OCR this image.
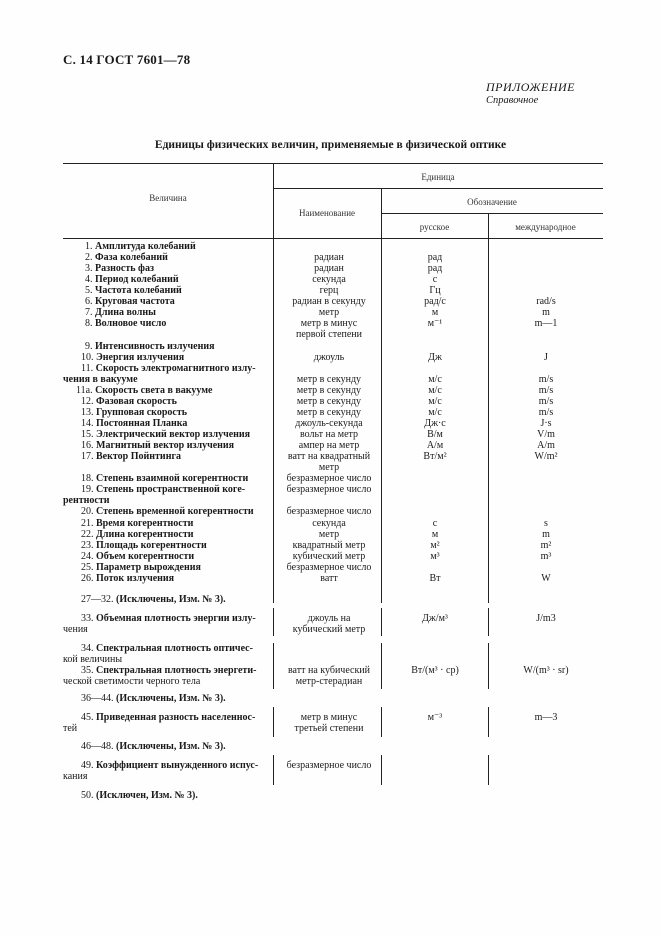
С. 14 ГОСТ 7601—78
ПРИЛОЖЕНИЕ
Справочное
Единицы физических величин, применяемые в физической оптике
Величина
Единица
Наименование
Обозначение
русское	международное
1. Амплитуда колебаний
2. Фаза колебаний	радиан	рад
3. Разность фаз	радиан	рад
4. Период колебаний	секунда	с
5. Частота колебаний	герц	Гц
6. Круговая частота	радиан в секунду	рад/с	rad/s
7. Длина волны	метр	м	m
8. Волновое число	метр в минус	м⁻¹	m—1
первой степени
9. Интенсивность излучения
10. Энергия излучения	джоуль	Дж	J
11. Скорость электромагнитного излу-
чения в вакууме	метр в секунду	м/с	m/s
11а. Скорость света в вакууме	метр в секунду	м/с	m/s
12. Фазовая скорость	метр в секунду	м/с	m/s
13. Групповая скорость	метр в секунду	м/с	m/s
14. Постоянная Планка	джоуль-секунда	Дж·с	J·s
15. Электрический вектор излучения	вольт на метр	В/м	V/m
16. Магнитный вектор излучения	ампер на метр	А/м	A/m
17. Вектор Пойнтинга	ватт на квадратный	Вт/м²	W/m²
метр
18. Степень взаимной когерентности	безразмерное число
19. Степень пространственной коге-	безразмерное число
рентности
20. Степень временной когерентности	безразмерное число
21. Время когерентности	секунда	с	s
22. Длина когерентности	метр	м	m
23. Площадь когерентности	квадратный метр	м²	m²
24. Объем когерентности	кубический метр	м³	m³
25. Параметр вырождения	безразмерное число
26. Поток излучения	ватт	Вт	W
27—32. (Исключены, Изм. № 3).
33. Объемная плотность энергии излу-	джоуль на	Дж/м³	J/m3
чения	кубический метр
34. Спектральная плотность оптичес-
кой величины
35. Спектральная плотность энергети-	ватт на кубический	Вт/(м³ · ср)	W/(m³ · sr)
ческой светимости черного тела	метр-стерадиан
36—44. (Исключены, Изм. № 3).
45. Приведенная разность населеннос-	метр в минус	м⁻³	m—3
тей	третьей степени
46—48. (Исключены, Изм. № 3).
49. Коэффициент вынужденного испус-	безразмерное число
кания
50. (Исключен, Изм. № 3).
